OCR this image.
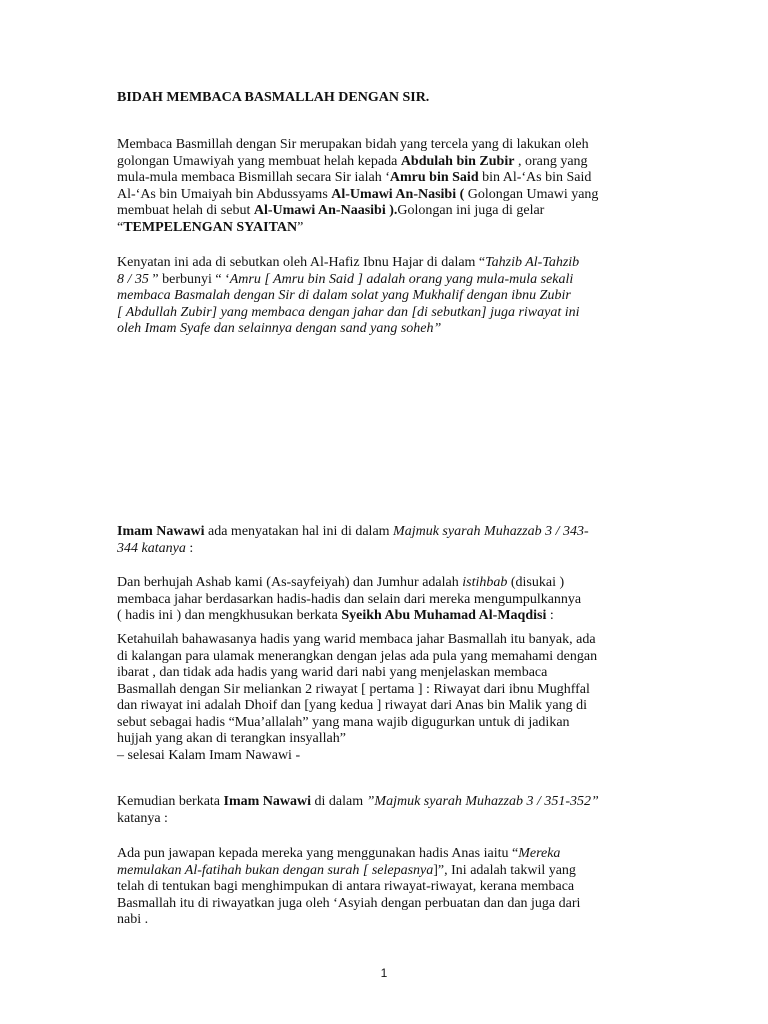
BIDAH MEMBACA BASMALLAH DENGAN SIR.

Membaca Basmillah dengan Sir merupakan bidah yang tercela yang di lakukan oleh
golongan Umawiyah yang membuat helah kepada Abdulah bin Zubir , orang yang
mula-mula membaca Bismillah secara Sir ialah ‘Amru bin Said bin Al-‘As bin Said
Al-‘As bin Umaiyah bin Abdussyams Al-Umawi An-Nasibi ( Golongan Umawi yang
membuat helah di sebut Al-Umawi An-Naasibi ).Golongan ini juga di gelar
“TEMPELENGAN SYAITAN”
Kenyatan ini ada di sebutkan oleh Al-Hafiz Ibnu Hajar di dalam “Tahzib Al-Tahzib
8 / 35 ” berbunyi “ ‘Amru [ Amru bin Said ] adalah orang yang mula-mula sekali
membaca Basmalah dengan Sir di dalam solat yang Mukhalif dengan ibnu Zubir
[ Abdullah Zubir] yang membaca dengan jahar dan [di sebutkan] juga riwayat ini
oleh Imam Syafe dan selainnya dengan sand yang soheh”
Imam Nawawi ada menyatakan hal ini di dalam Majmuk syarah Muhazzab 3 / 343-
344 katanya :
Dan berhujah Ashab kami (As-sayfeiyah) dan Jumhur adalah istihbab (disukai )
membaca jahar berdasarkan hadis-hadis dan selain dari mereka mengumpulkannya
( hadis ini ) dan mengkhusukan berkata Syeikh Abu Muhamad Al-Maqdisi :
Ketahuilah bahawasanya hadis yang warid membaca jahar Basmallah itu banyak, ada
di kalangan para ulamak menerangkan dengan jelas ada pula yang memahami dengan
ibarat , dan tidak ada hadis yang warid dari nabi yang menjelaskan membaca
Basmallah dengan Sir meliankan 2 riwayat [ pertama ] : Riwayat dari ibnu Mughffal
dan riwayat ini adalah Dhoif dan [yang kedua ] riwayat dari Anas bin Malik yang di
sebut sebagai hadis “Mua’allalah” yang mana wajib digugurkan untuk di jadikan
hujjah yang akan di terangkan insyallah”
– selesai Kalam Imam Nawawi -
Kemudian berkata Imam Nawawi di dalam ”Majmuk syarah Muhazzab 3 / 351-352”
katanya :
Ada pun jawapan kepada mereka yang menggunakan hadis Anas iaitu “Mereka
memulakan Al-fatihah bukan dengan surah [ selepasnya]”, Ini adalah takwil yang
telah di tentukan bagi menghimpukan di antara riwayat-riwayat, kerana membaca
Basmallah itu di riwayatkan juga oleh ‘Asyiah dengan perbuatan dan dan juga dari
nabi .
1
